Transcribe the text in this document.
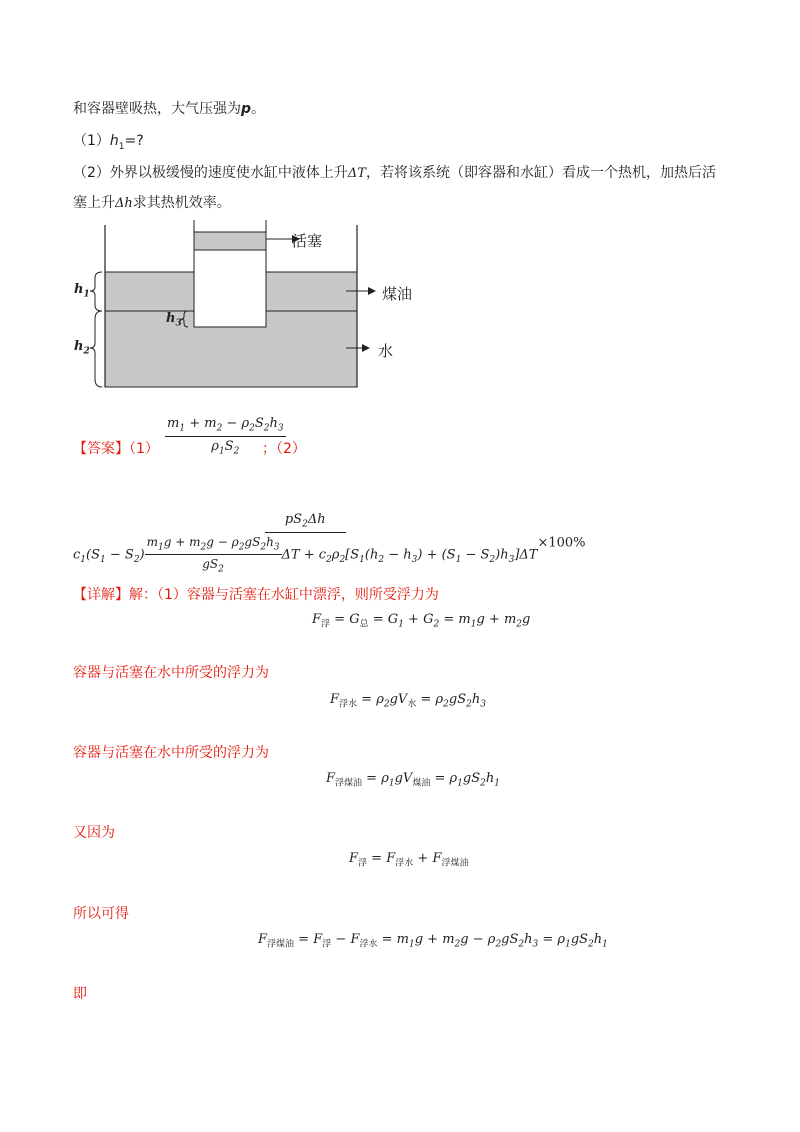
和容器壁吸热，大气压强为p。
$(1)h_1=$?
（2）外界以极缓慢的速度使水缸中液体上升ΔT，若将该系统（即容器和水缸）看成一个热机，加热后活
塞上升Δh求其热机效率。
活塞
煤油
水
$h_1$
$h_2$
$h_3$
【答案】$(1) \frac{m_1 + m_2 - \rho_2S_2h_3}{\rho_1S_2}$
；（2）
$pS_2\Delta h$
$c_1(S_1 - S_2) \frac{m_1g + m_2g - \rho_2gS_2h_3}{gS_2}$ $\Delta T + c_2\rho_2[S_1(h_2 - h_3) + (S_1 - S_2)h_3]\Delta T$
×100%
【详解】解：（1）容器与活塞在水缸中漂浮，则所受浮力为
$F_浮 = G_总 = G_1 + G_2 = m_1g + m_2g$
容器与活塞在水中所受的浮力为
$F_{浮水} = \rho_2gV_水 = \rho_2gS_2h_3$
容器与活塞在水中所受的浮力为
$F_{浮煤油} = \rho_1gV_{煤油} = \rho_1gS_2h_1$
又因为
$F_浮 = F_{浮水} + F_{浮煤油}$
所以可得
$F_{浮煤油} = F_浮 - F_{浮水} = m_1g + m_2g - \rho_2gS_2h_3 = \rho_1gS_2h_1$
即
